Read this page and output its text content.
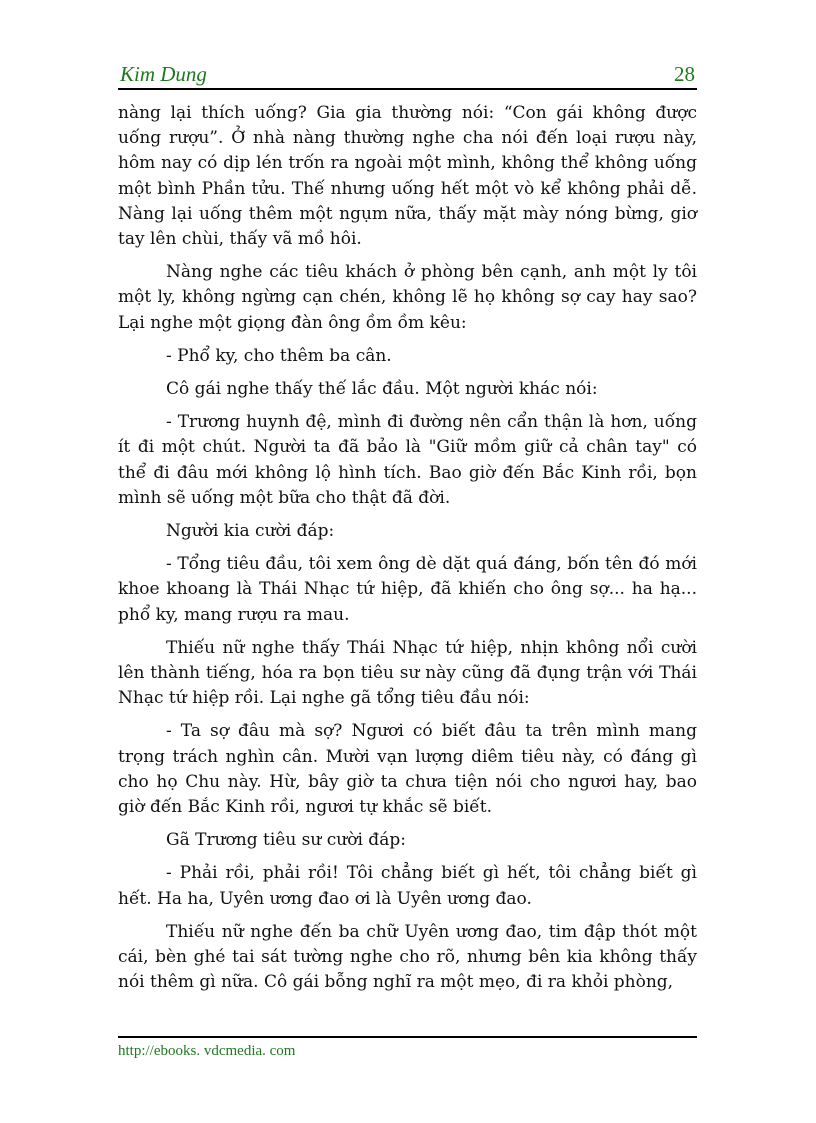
Kim Dung	28

nàng lại thích uống? Gia gia thường nói: “Con gái không được uống rượu”. Ở nhà nàng thường nghe cha nói đến loại rượu này, hôm nay có dịp lén trốn ra ngoài một mình, không thể không uống một bình Phần tửu. Thế nhưng uống hết một vò kể không phải dễ. Nàng lại uống thêm một ngụm nữa, thấy mặt mày nóng bừng, giơ tay lên chùi, thấy vã mồ hôi.

Nàng nghe các tiêu khách ở phòng bên cạnh, anh một ly tôi một ly, không ngừng cạn chén, không lẽ họ không sợ cay hay sao? Lại nghe một giọng đàn ông ồm ồm kêu:

- Phổ ky, cho thêm ba cân.

Cô gái nghe thấy thế lắc đầu. Một người khác nói:

- Trương huynh đệ, mình đi đường nên cẩn thận là hơn, uống ít đi một chút. Người ta đã bảo là "Giữ mồm giữ cả chân tay" có thể đi đâu mới không lộ hình tích. Bao giờ đến Bắc Kinh rồi, bọn mình sẽ uống một bữa cho thật đã đời.

Người kia cười đáp:

- Tổng tiêu đầu, tôi xem ông dè dặt quá đáng, bốn tên đó mới khoe khoang là Thái Nhạc tứ hiệp, đã khiến cho ông sợ... ha hạ... phổ ky, mang rượu ra mau.

Thiếu nữ nghe thấy Thái Nhạc tứ hiệp, nhịn không nổi cười lên thành tiếng, hóa ra bọn tiêu sư này cũng đã đụng trận với Thái Nhạc tứ hiệp rồi. Lại nghe gã tổng tiêu đầu nói:

- Ta sợ đâu mà sợ? Ngươi có biết đâu ta trên mình mang trọng trách nghìn cân. Mười vạn lượng diêm tiêu này, có đáng gì cho họ Chu này. Hừ, bây giờ ta chưa tiện nói cho ngươi hay, bao giờ đến Bắc Kinh rồi, ngươi tự khắc sẽ biết.

Gã Trương tiêu sư cười đáp:

- Phải rồi, phải rồi! Tôi chẳng biết gì hết, tôi chẳng biết gì hết. Ha ha, Uyên ương đao ơi là Uyên ương đao.

Thiếu nữ nghe đến ba chữ Uyên ương đao, tim đập thót một cái, bèn ghé tai sát tường nghe cho rõ, nhưng bên kia không thấy nói thêm gì nữa. Cô gái bỗng nghĩ ra một mẹo, đi ra khỏi phòng,

http://ebooks. vdcmedia. com
